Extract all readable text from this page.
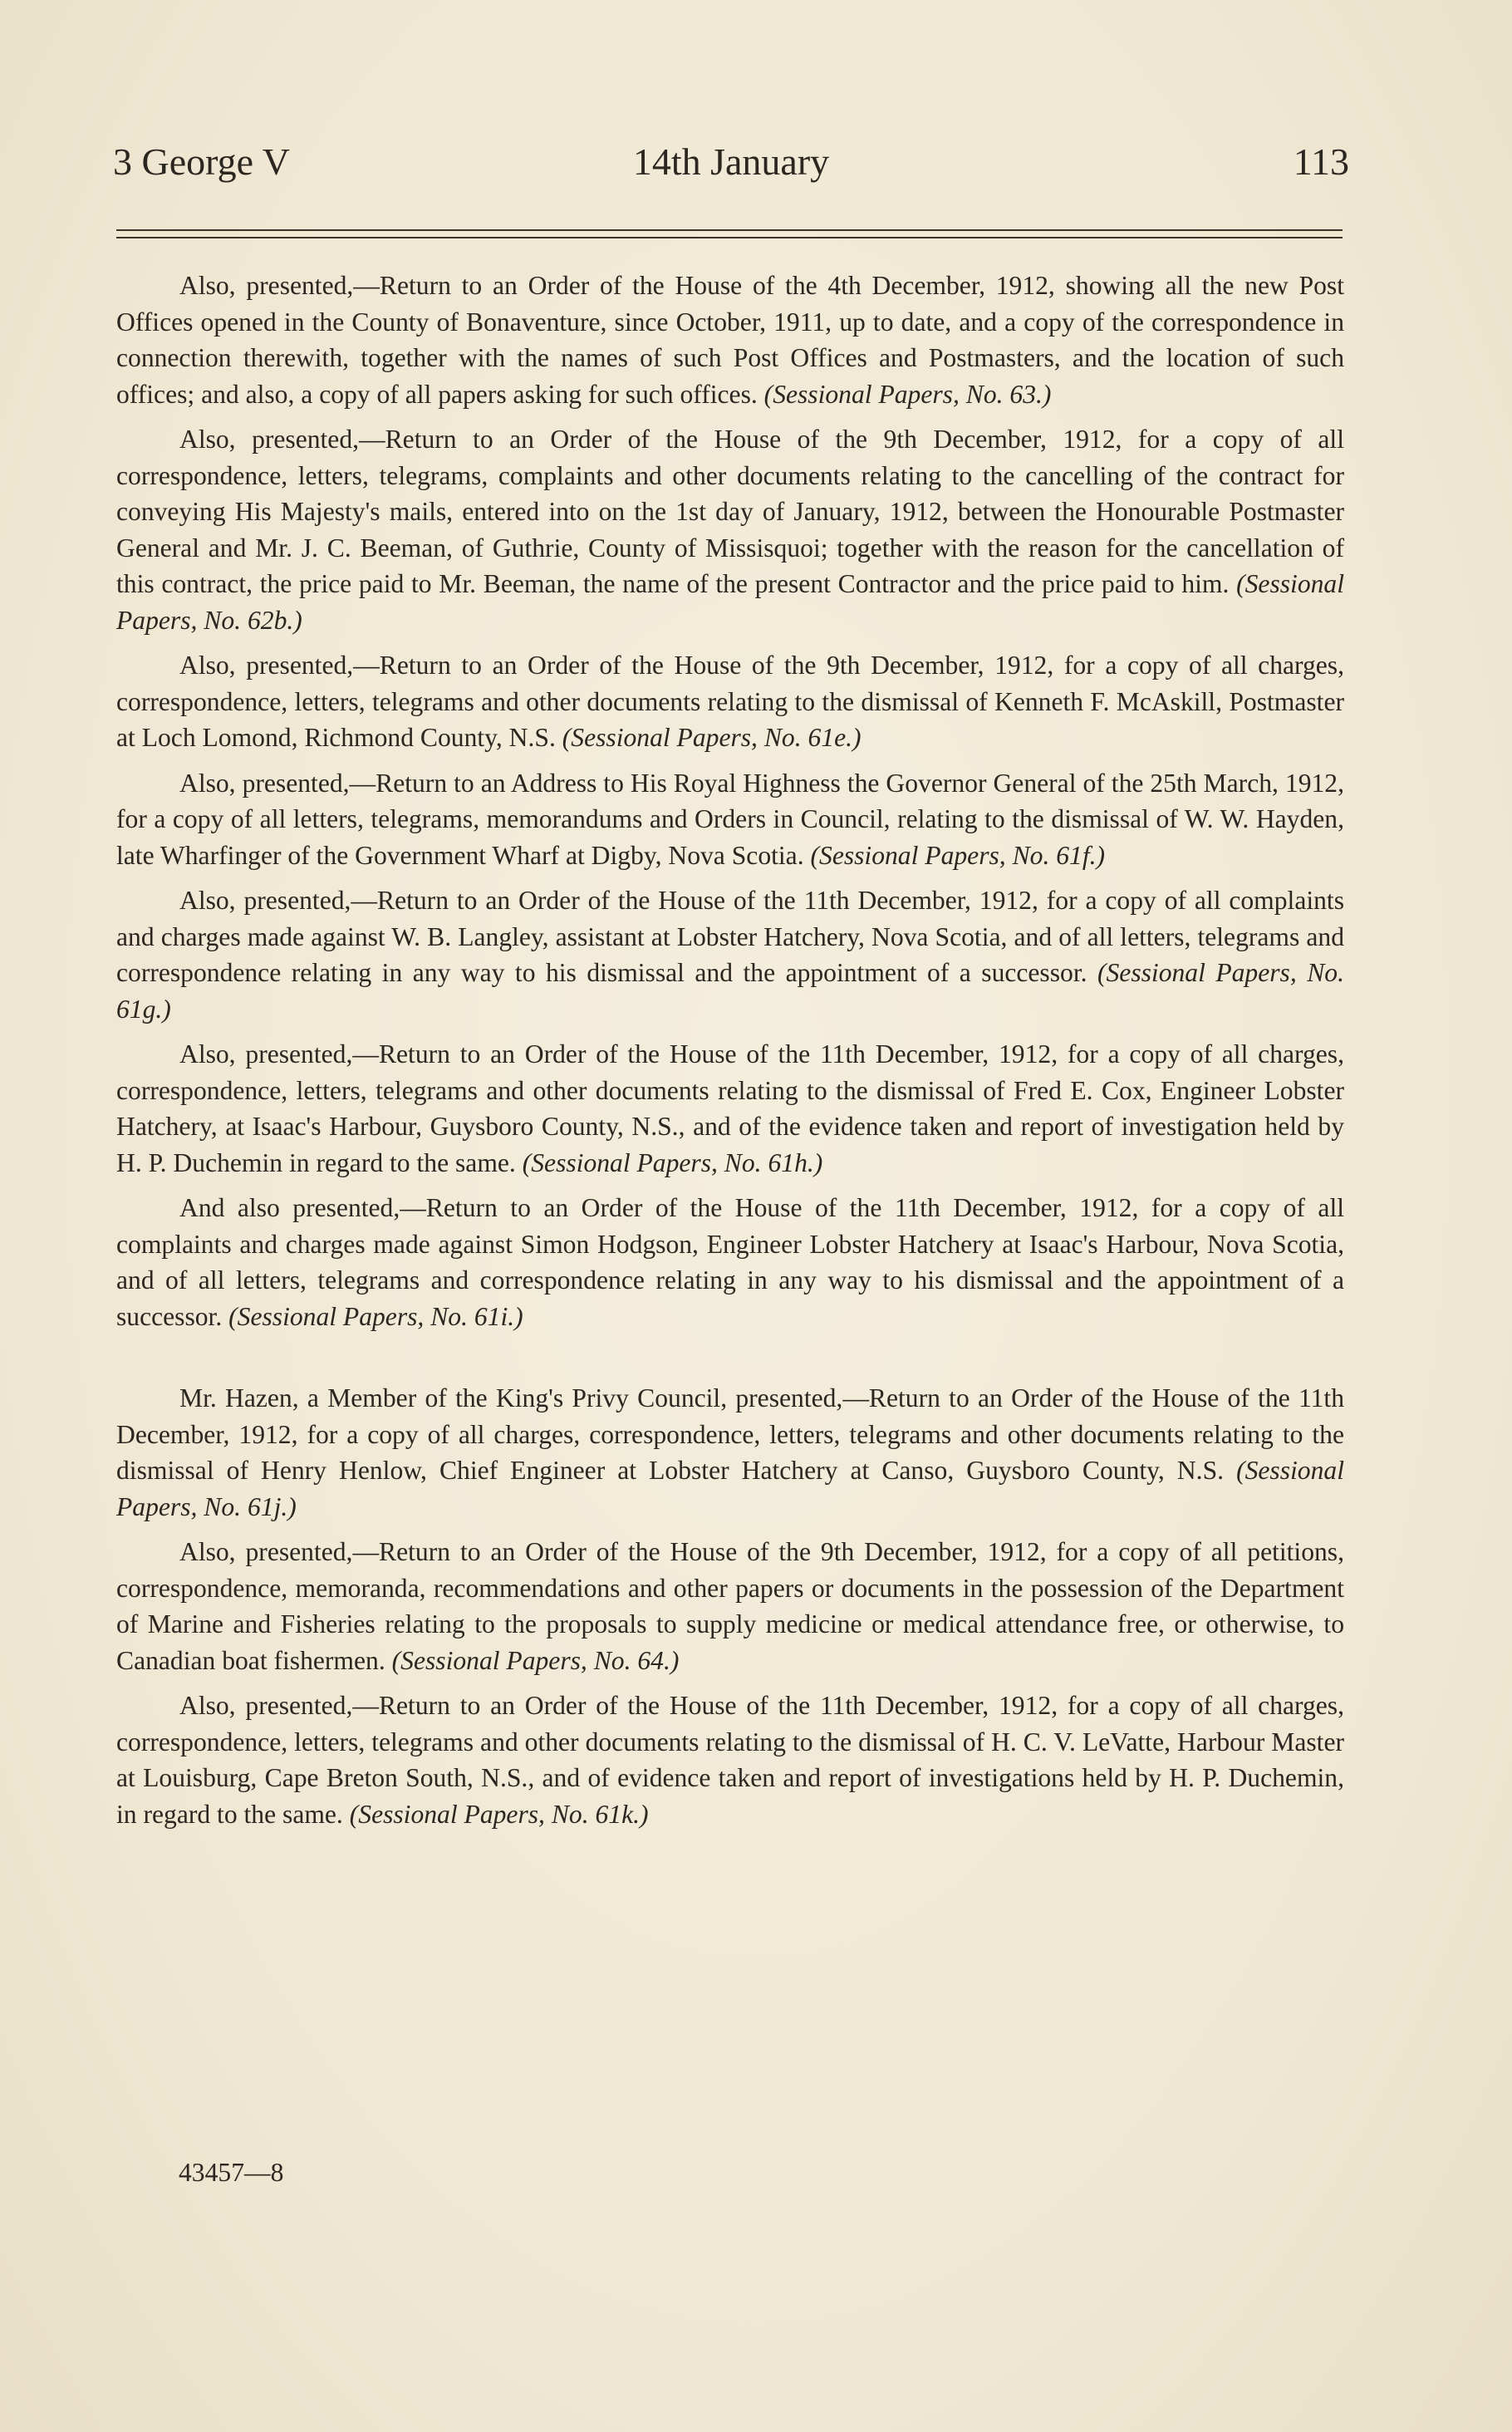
14th January
3 George V	113

Also, presented,—Return to an Order of the House of the 4th December, 1912, showing all the new Post Offices opened in the County of Bonaventure, since October, 1911, up to date, and a copy of the correspondence in connection therewith, together with the names of such Post Offices and Postmasters, and the location of such offices; and also, a copy of all papers asking for such offices. (Sessional Papers, No. 63.)

Also, presented,—Return to an Order of the House of the 9th December, 1912, for a copy of all correspondence, letters, telegrams, complaints and other documents relating to the cancelling of the contract for conveying His Majesty's mails, entered into on the 1st day of January, 1912, between the Honourable Postmaster General and Mr. J. C. Beeman, of Guthrie, County of Missisquoi; together with the reason for the cancellation of this contract, the price paid to Mr. Beeman, the name of the present Contractor and the price paid to him. (Sessional Papers, No. 62b.)

Also, presented,—Return to an Order of the House of the 9th December, 1912, for a copy of all charges, correspondence, letters, telegrams and other documents relating to the dismissal of Kenneth F. McAskill, Postmaster at Loch Lomond, Richmond County, N.S. (Sessional Papers, No. 61e.)

Also, presented,—Return to an Address to His Royal Highness the Governor General of the 25th March, 1912, for a copy of all letters, telegrams, memorandums and Orders in Council, relating to the dismissal of W. W. Hayden, late Wharfinger of the Government Wharf at Digby, Nova Scotia. (Sessional Papers, No. 61f.)

Also, presented,—Return to an Order of the House of the 11th December, 1912, for a copy of all complaints and charges made against W. B. Langley, assistant at Lobster Hatchery, Nova Scotia, and of all letters, telegrams and correspondence relating in any way to his dismissal and the appointment of a successor. (Sessional Papers, No. 61g.)

Also, presented,—Return to an Order of the House of the 11th December, 1912, for a copy of all charges, correspondence, letters, telegrams and other documents relating to the dismissal of Fred E. Cox, Engineer Lobster Hatchery, at Isaac's Harbour, Guysboro County, N.S., and of the evidence taken and report of investigation held by H. P. Duchemin in regard to the same. (Sessional Papers, No. 61h.)

And also presented,—Return to an Order of the House of the 11th December, 1912, for a copy of all complaints and charges made against Simon Hodgson, Engineer Lobster Hatchery at Isaac's Harbour, Nova Scotia, and of all letters, telegrams and correspondence relating in any way to his dismissal and the appointment of a successor. (Sessional Papers, No. 61i.)

Mr. Hazen, a Member of the King's Privy Council, presented,—Return to an Order of the House of the 11th December, 1912, for a copy of all charges, correspondence, letters, telegrams and other documents relating to the dismissal of Henry Henlow, Chief Engineer at Lobster Hatchery at Canso, Guysboro County, N.S. (Sessional Papers, No. 61j.)

Also, presented,—Return to an Order of the House of the 9th December, 1912, for a copy of all petitions, correspondence, memoranda, recommendations and other papers or documents in the possession of the Department of Marine and Fisheries relating to the proposals to supply medicine or medical attendance free, or otherwise, to Canadian boat fishermen. (Sessional Papers, No. 64.)

Also, presented,—Return to an Order of the House of the 11th December, 1912, for a copy of all charges, correspondence, letters, telegrams and other documents relating to the dismissal of H. C. V. LeVatte, Harbour Master at Louisburg, Cape Breton South, N.S., and of evidence taken and report of investigations held by H. P. Duchemin, in regard to the same. (Sessional Papers, No. 61k.)

43457—8
